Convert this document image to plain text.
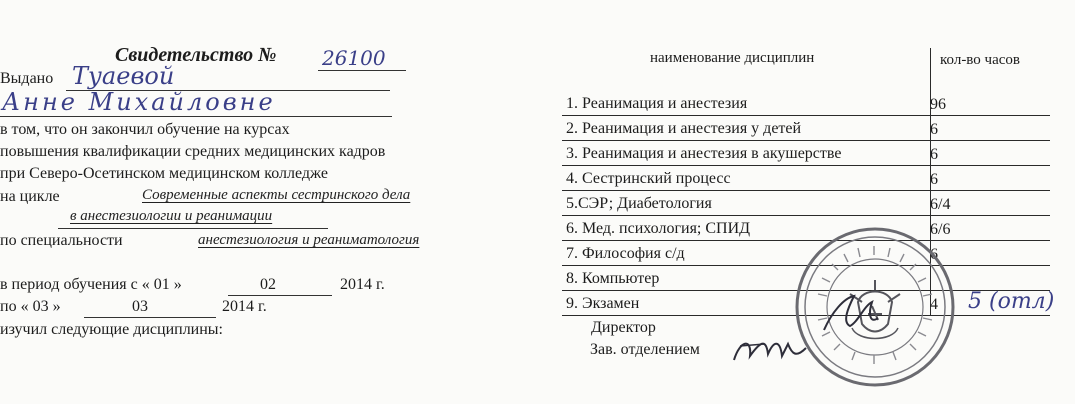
Свидетельство № 26100
Выдано Туаевой
Анне Михайловне
в том, что он закончил обучение на курсах
повышения квалификации средних медицинских кадров
при Северо-Осетинском медицинском колледже
на цикле	Современные аспекты сестринского дела
в анестезиологии и реанимации
по специальности	анестезиология и реаниматология
в период обучения с « 01 »	02	2014 г.
по « 03 »	03	2014 г.
изучил следующие дисциплины:
наименование дисциплин	кол-во часов
1. Реанимация и анестезия	96
2. Реанимация и анестезия у детей	6
3. Реанимация и анестезия в акушерстве	6
4. Сестринский процесс	6
5.СЭР; Диабетология	6/4
6. Мед. психология; СПИД	6/6
7. Философия с/д	6
8. Компьютер
9. Экзамен	4 5 (отл)
Директор
Зав. отделением
